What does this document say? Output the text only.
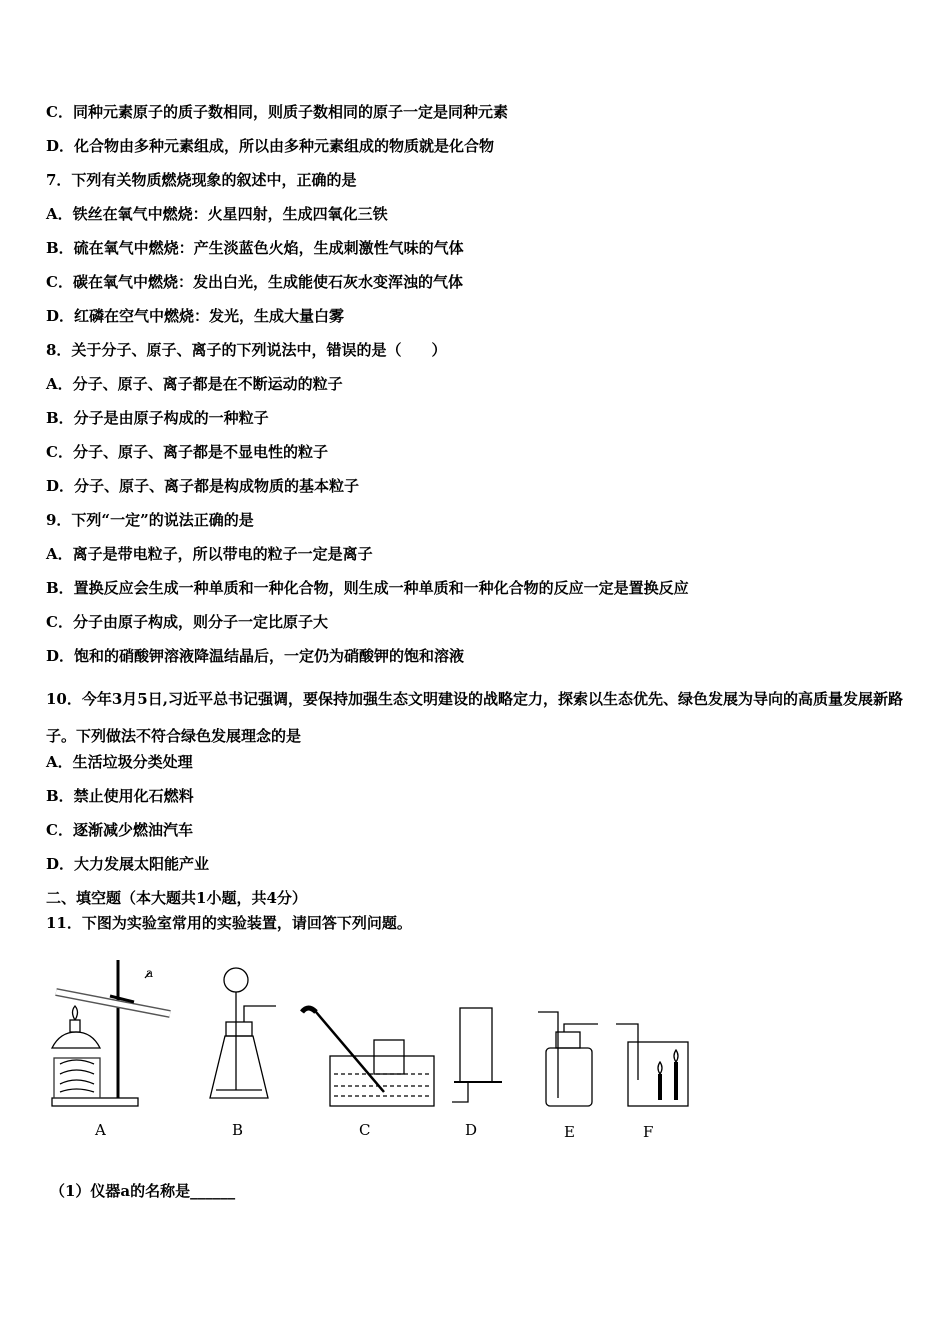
C．同种元素原子的质子数相同，则质子数相同的原子一定是同种元素
D．化合物由多种元素组成，所以由多种元素组成的物质就是化合物
7．下列有关物质燃烧现象的叙述中，正确的是
A．铁丝在氧气中燃烧：火星四射，生成四氧化三铁
B．硫在氧气中燃烧：产生淡蓝色火焰，生成刺激性气味的气体
C．碳在氧气中燃烧：发出白光，生成能使石灰水变浑浊的气体
D．红磷在空气中燃烧：发光，生成大量白雾
8．关于分子、原子、离子的下列说法中，错误的是（　　）
A．分子、原子、离子都是在不断运动的粒子
B．分子是由原子构成的一种粒子
C．分子、原子、离子都是不显电性的粒子
D．分子、原子、离子都是构成物质的基本粒子
9．下列“一定”的说法正确的是
A．离子是带电粒子，所以带电的粒子一定是离子
B．置换反应会生成一种单质和一种化合物，则生成一种单质和一种化合物的反应一定是置换反应
C．分子由原子构成，则分子一定比原子大
D．饱和的硝酸钾溶液降温结晶后，一定仍为硝酸钾的饱和溶液
10．今年3月5日,习近平总书记强调，要保持加强生态文明建设的战略定力，探索以生态优先、绿色发展为导向的高质量发展新路子。下列做法不符合绿色发展理念的是
A．生活垃圾分类处理
B．禁止使用化石燃料
C．逐渐减少燃油汽车
D．大力发展太阳能产业
二、填空题（本大题共1小题，共4分）
11．下图为实验室常用的实验装置，请回答下列问题。
a
A	B	C	D	E	F
（1）仪器a的名称是______
